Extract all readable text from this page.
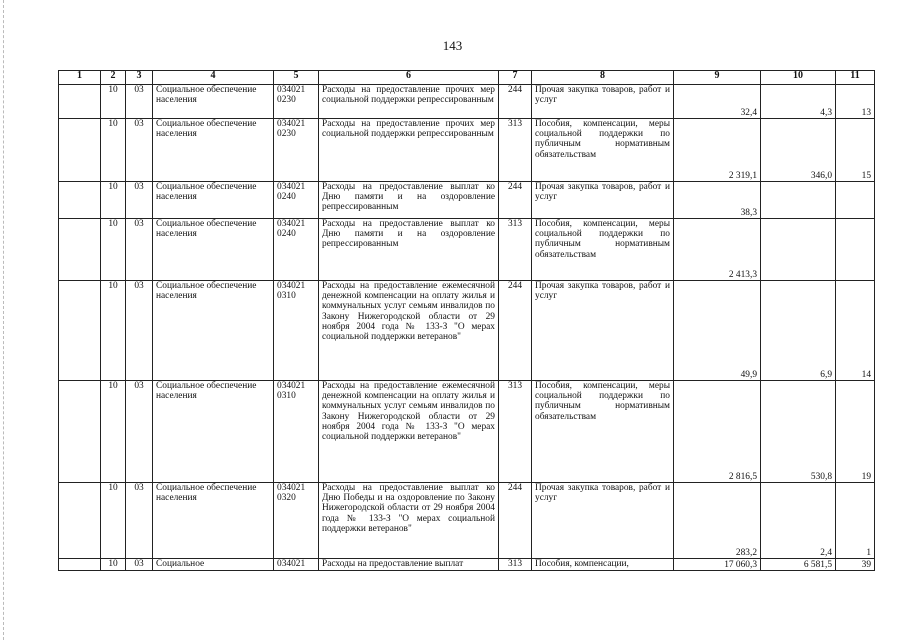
143
1	2	3	4	5	6	7	8	9	10	11
	10	03	Социальное обеспечение населения	034021 0230	Расходы на предоставление прочих мер социальной поддержки репрессированным	244	Прочая закупка товаров, работ и услуг	32,4	4,3	13
	10	03	Социальное обеспечение населения	034021 0230	Расходы на предоставление прочих мер социальной поддержки репрессированным	313	Пособия, компенсации, меры социальной поддержки по публичным нормативным обязательствам	2 319,1	346,0	15
	10	03	Социальное обеспечение населения	034021 0240	Расходы на предоставление выплат ко Дню памяти и на оздоровление репрессированным	244	Прочая закупка товаров, работ и услуг	38,3		
	10	03	Социальное обеспечение населения	034021 0240	Расходы на предоставление выплат ко Дню памяти и на оздоровление репрессированным	313	Пособия, компенсации, меры социальной поддержки по публичным нормативным обязательствам	2 413,3		
	10	03	Социальное обеспечение населения	034021 0310	Расходы на предоставление ежемесячной денежной компенсации на оплату жилья и коммунальных услуг семьям инвалидов по Закону Нижегородской области от 29 ноября 2004 года № 133-З "О мерах социальной поддержки ветеранов"	244	Прочая закупка товаров, работ и услуг	49,9	6,9	14
	10	03	Социальное обеспечение населения	034021 0310	Расходы на предоставление ежемесячной денежной компенсации на оплату жилья и коммунальных услуг семьям инвалидов по Закону Нижегородской области от 29 ноября 2004 года № 133-З "О мерах социальной поддержки ветеранов"	313	Пособия, компенсации, меры социальной поддержки по публичным нормативным обязательствам	2 816,5	530,8	19
	10	03	Социальное обеспечение населения	034021 0320	Расходы на предоставление выплат ко Дню Победы и на оздоровление по Закону Нижегородской области от 29 ноября 2004 года № 133-З "О мерах социальной поддержки ветеранов"	244	Прочая закупка товаров, работ и услуг	283,2	2,4	1
	10	03	Социальное	034021	Расходы на предоставление выплат	313	Пособия, компенсации,	17 060,3	6 581,5	39
